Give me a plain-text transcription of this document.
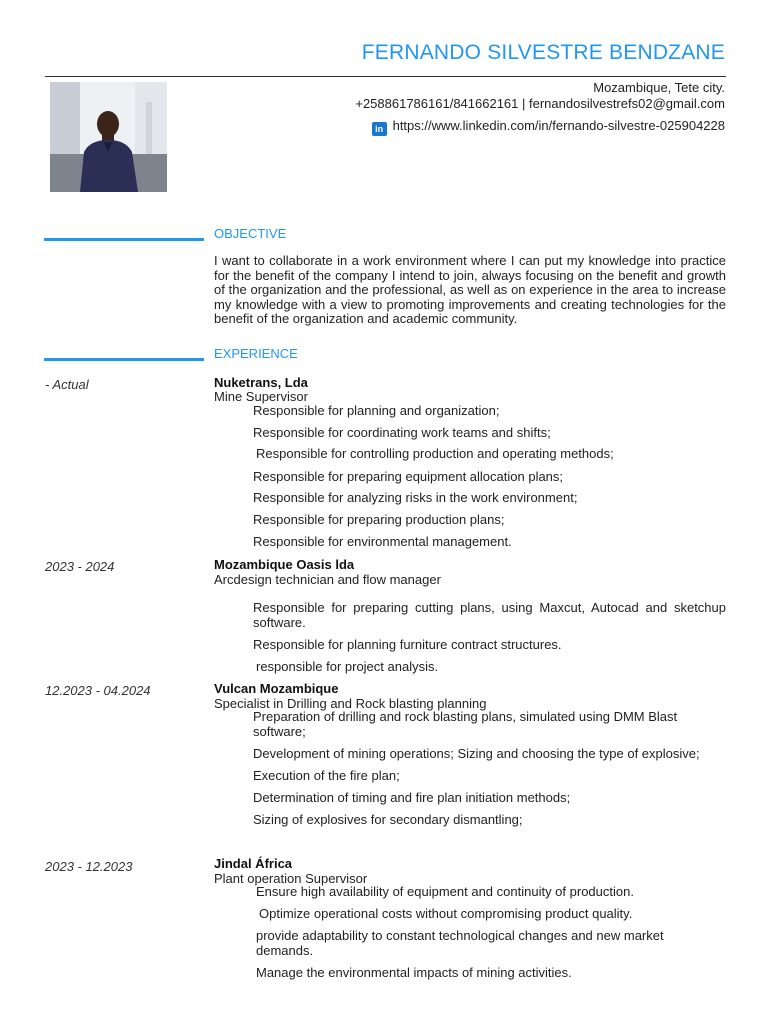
FERNANDO SILVESTRE BENDZANE
Mozambique, Tete city.
+258861786161/841662161 | fernandosilvestrefs02@gmail.com
in https://www.linkedin.com/in/fernando-silvestre-025904228
OBJECTIVE
I want to collaborate in a work environment where I can put my knowledge into practice for the benefit of the company I intend to join, always focusing on the benefit and growth of the organization and the professional, as well as on experience in the area to increase my knowledge with a view to promoting improvements and creating technologies for the benefit of the organization and academic community.
EXPERIENCE
- Actual	Nuketrans, Lda
Mine Supervisor
Responsible for planning and organization;
Responsible for coordinating work teams and shifts;
Responsible for controlling production and operating methods;
Responsible for preparing equipment allocation plans;
Responsible for analyzing risks in the work environment;
Responsible for preparing production plans;
Responsible for environmental management.
2023 - 2024	Mozambique Oasis lda
Arcdesign technician and flow manager
Responsible for preparing cutting plans, using Maxcut, Autocad and sketchup software.
Responsible for planning furniture contract structures.
responsible for project analysis.
12.2023 - 04.2024	Vulcan Mozambique
Specialist in Drilling and Rock blasting planning
Preparation of drilling and rock blasting plans, simulated using DMM Blast software;
Development of mining operations; Sizing and choosing the type of explosive;
Execution of the fire plan;
Determination of timing and fire plan initiation methods;
Sizing of explosives for secondary dismantling;
2023 - 12.2023	Jindal África
Plant operation Supervisor
Ensure high availability of equipment and continuity of production.
Optimize operational costs without compromising product quality.
provide adaptability to constant technological changes and new market demands.
Manage the environmental impacts of mining activities.
